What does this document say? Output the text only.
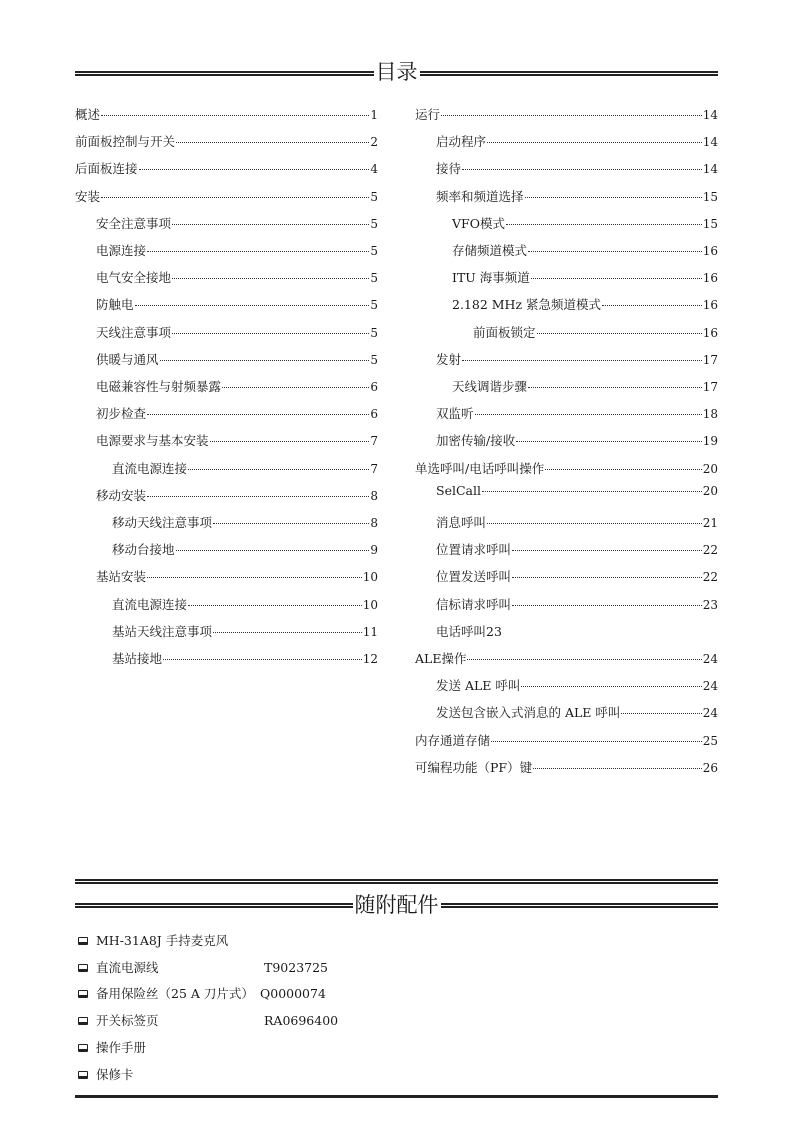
目录
概述	1
前面板控制与开关	2
后面板连接	4
安装	5
安全注意事项	5
电源连接	5
电气安全接地	5
防触电	5
天线注意事项	5
供暖与通风	5
电磁兼容性与射频暴露	6
初步检查	6
电源要求与基本安装	7
直流电源连接	7
移动安装	8
移动天线注意事项	8
移动台接地	9
基站安装	10
直流电源连接	10
基站天线注意事项	11
基站接地	12
运行	14
启动程序	14
接待	14
频率和频道选择	15
VFO模式	15
存储频道模式	16
ITU 海事频道	16
2.182 MHz 紧急频道模式	16
前面板锁定	16
发射	17
天线调谐步骤	17
双监听	18
加密传输/接收	19
单选呼叫/电话呼叫操作	20
SelCall	20
消息呼叫	21
位置请求呼叫	22
位置发送呼叫	22
信标请求呼叫	23
电话呼叫23
ALE操作	24
发送 ALE 呼叫	24
发送包含嵌入式消息的 ALE 呼叫	24
内存通道存储	25
可编程功能（PF）键	26
随附配件
MH-31A8J 手持麦克风
直流电源线	T9023725
备用保险丝（25 A 刀片式） Q0000074
开关标签页	RA0696400
操作手册
保修卡
